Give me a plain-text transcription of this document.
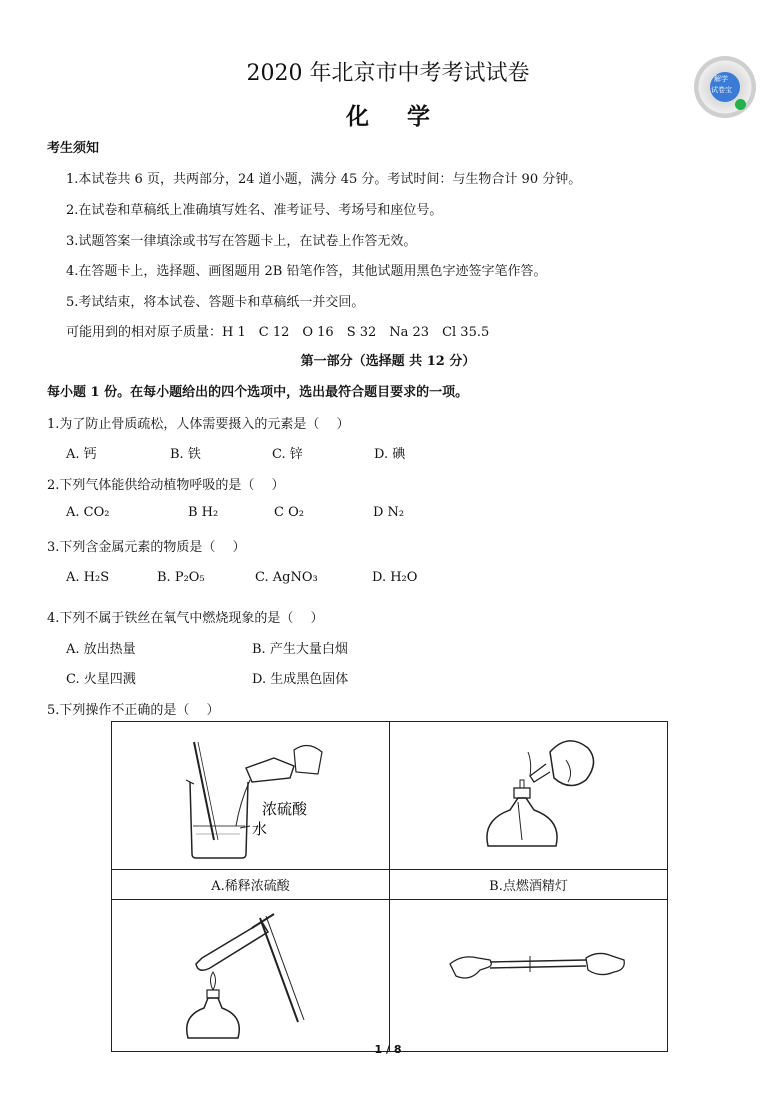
2020 年北京市中考考试试卷
化学
解学
试卷宝
考生须知
1.本试卷共 6 页，共两部分，24 道小题，满分 45 分。考试时间：与生物合计 90 分钟。
2.在试卷和草稿纸上准确填写姓名、准考证号、考场号和座位号。
3.试题答案一律填涂或书写在答题卡上，在试卷上作答无效。
4.在答题卡上，选择题、画图题用 2B 铅笔作答，其他试题用黑色字迹签字笔作答。
5.考试结束，将本试卷、答题卡和草稿纸一并交回。
可能用到的相对原子质量：H 1　C 12　O 16　S 32　Na 23　Cl 35.5
第一部分（选择题 共 12 分）
每小题 1 份。在每小题给出的四个选项中，选出最符合题目要求的一项。
1.为了防止骨质疏松，人体需要摄入的元素是（　 ）
A. 钙	B. 铁	C. 锌	D. 碘
2.下列气体能供给动植物呼吸的是（　 ）
A. CO₂	B H₂	C O₂	D N₂
3.下列含金属元素的物质是（　 ）
A. H₂S	B. P₂O₅	C. AgNO₃	D. H₂O
4.下列不属于铁丝在氧气中燃烧现象的是（　 ）
A. 放出热量	B. 产生大量白烟
C. 火星四溅	D. 生成黑色固体
5.下列操作不正确的是（　 ）
浓硫酸
水

A.稀释浓硫酸	B.点燃酒精灯

1 / 8
